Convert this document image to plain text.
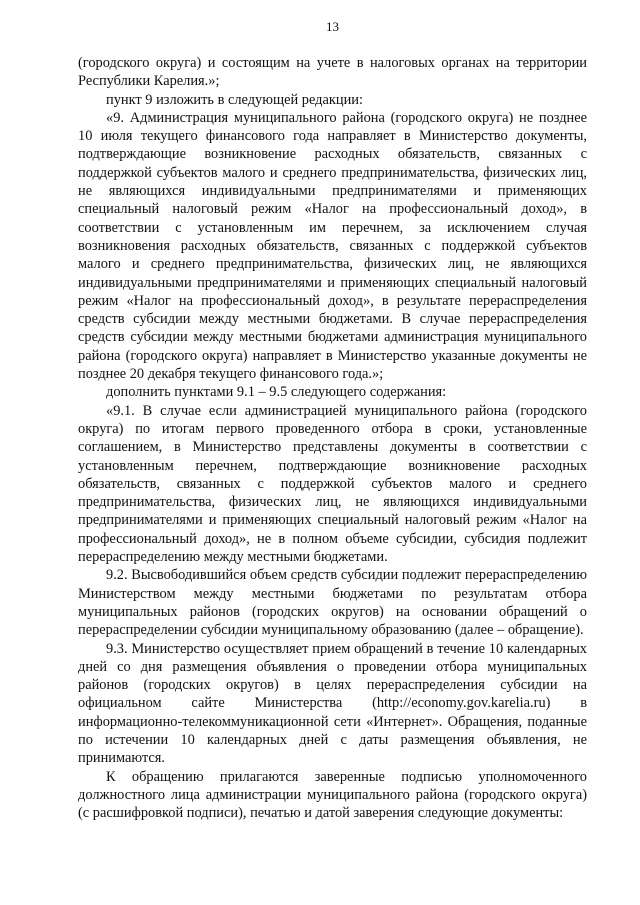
13

(городского округа) и состоящим на учете в налоговых органах на территории Республики Карелия.»;

пункт 9 изложить в следующей редакции:

«9. Администрация муниципального района (городского округа) не позднее 10 июля текущего финансового года направляет в Министерство документы, подтверждающие возникновение расходных обязательств, связанных с поддержкой субъектов малого и среднего предпринимательства, физических лиц, не являющихся индивидуальными предпринимателями и применяющих специальный налоговый режим «Налог на профессиональный доход», в соответствии с установленным им перечнем, за исключением случая возникновения расходных обязательств, связанных с поддержкой субъектов малого и среднего предпринимательства, физических лиц, не являющихся индивидуальными предпринимателями и применяющих специальный налоговый режим «Налог на профессиональный доход», в результате перераспределения средств субсидии между местными бюджетами. В случае перераспределения средств субсидии между местными бюджетами администрация муниципального района (городского округа) направляет в Министерство указанные документы не позднее 20 декабря текущего финансового года.»;

дополнить пунктами 9.1 – 9.5 следующего содержания:

«9.1. В случае если администрацией муниципального района (городского округа) по итогам первого проведенного отбора в сроки, установленные соглашением, в Министерство представлены документы в соответствии с установленным перечнем, подтверждающие возникновение расходных обязательств, связанных с поддержкой субъектов малого и среднего предпринимательства, физических лиц, не являющихся индивидуальными предпринимателями и применяющих специальный налоговый режим «Налог на профессиональный доход», не в полном объеме субсидии, субсидия подлежит перераспределению между местными бюджетами.

9.2. Высвободившийся объем средств субсидии подлежит перераспределению Министерством между местными бюджетами по результатам отбора муниципальных районов (городских округов) на основании обращений о перераспределении субсидии муниципальному образованию (далее – обращение).

9.3. Министерство осуществляет прием обращений в течение 10 календарных дней со дня размещения объявления о проведении отбора муниципальных районов (городских округов) в целях перераспределения субсидии на официальном сайте Министерства (http://economy.gov.karelia.ru) в информационно-телекоммуникационной сети «Интернет». Обращения, поданные по истечении 10 календарных дней с даты размещения объявления, не принимаются.

К обращению прилагаются заверенные подписью уполномоченного должностного лица администрации муниципального района (городского округа) (с расшифровкой подписи), печатью и датой заверения следующие документы:
